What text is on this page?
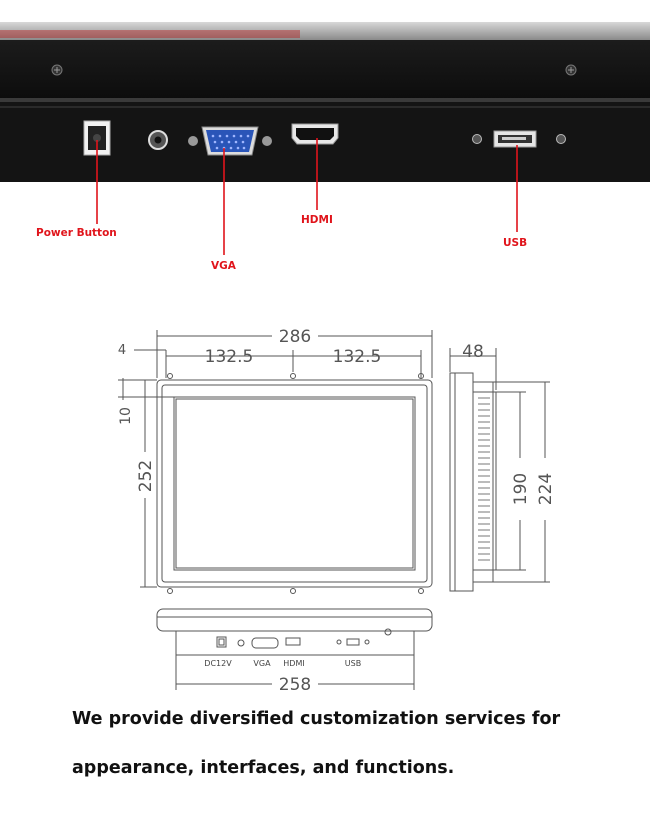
Power Button
VGA
HDMI
USB
286
132.5	132.5
4
10
252
48
190 224
258
DC12V	VGA HDMI	USB
We provide diversified customization services for
appearance, interfaces, and functions.
